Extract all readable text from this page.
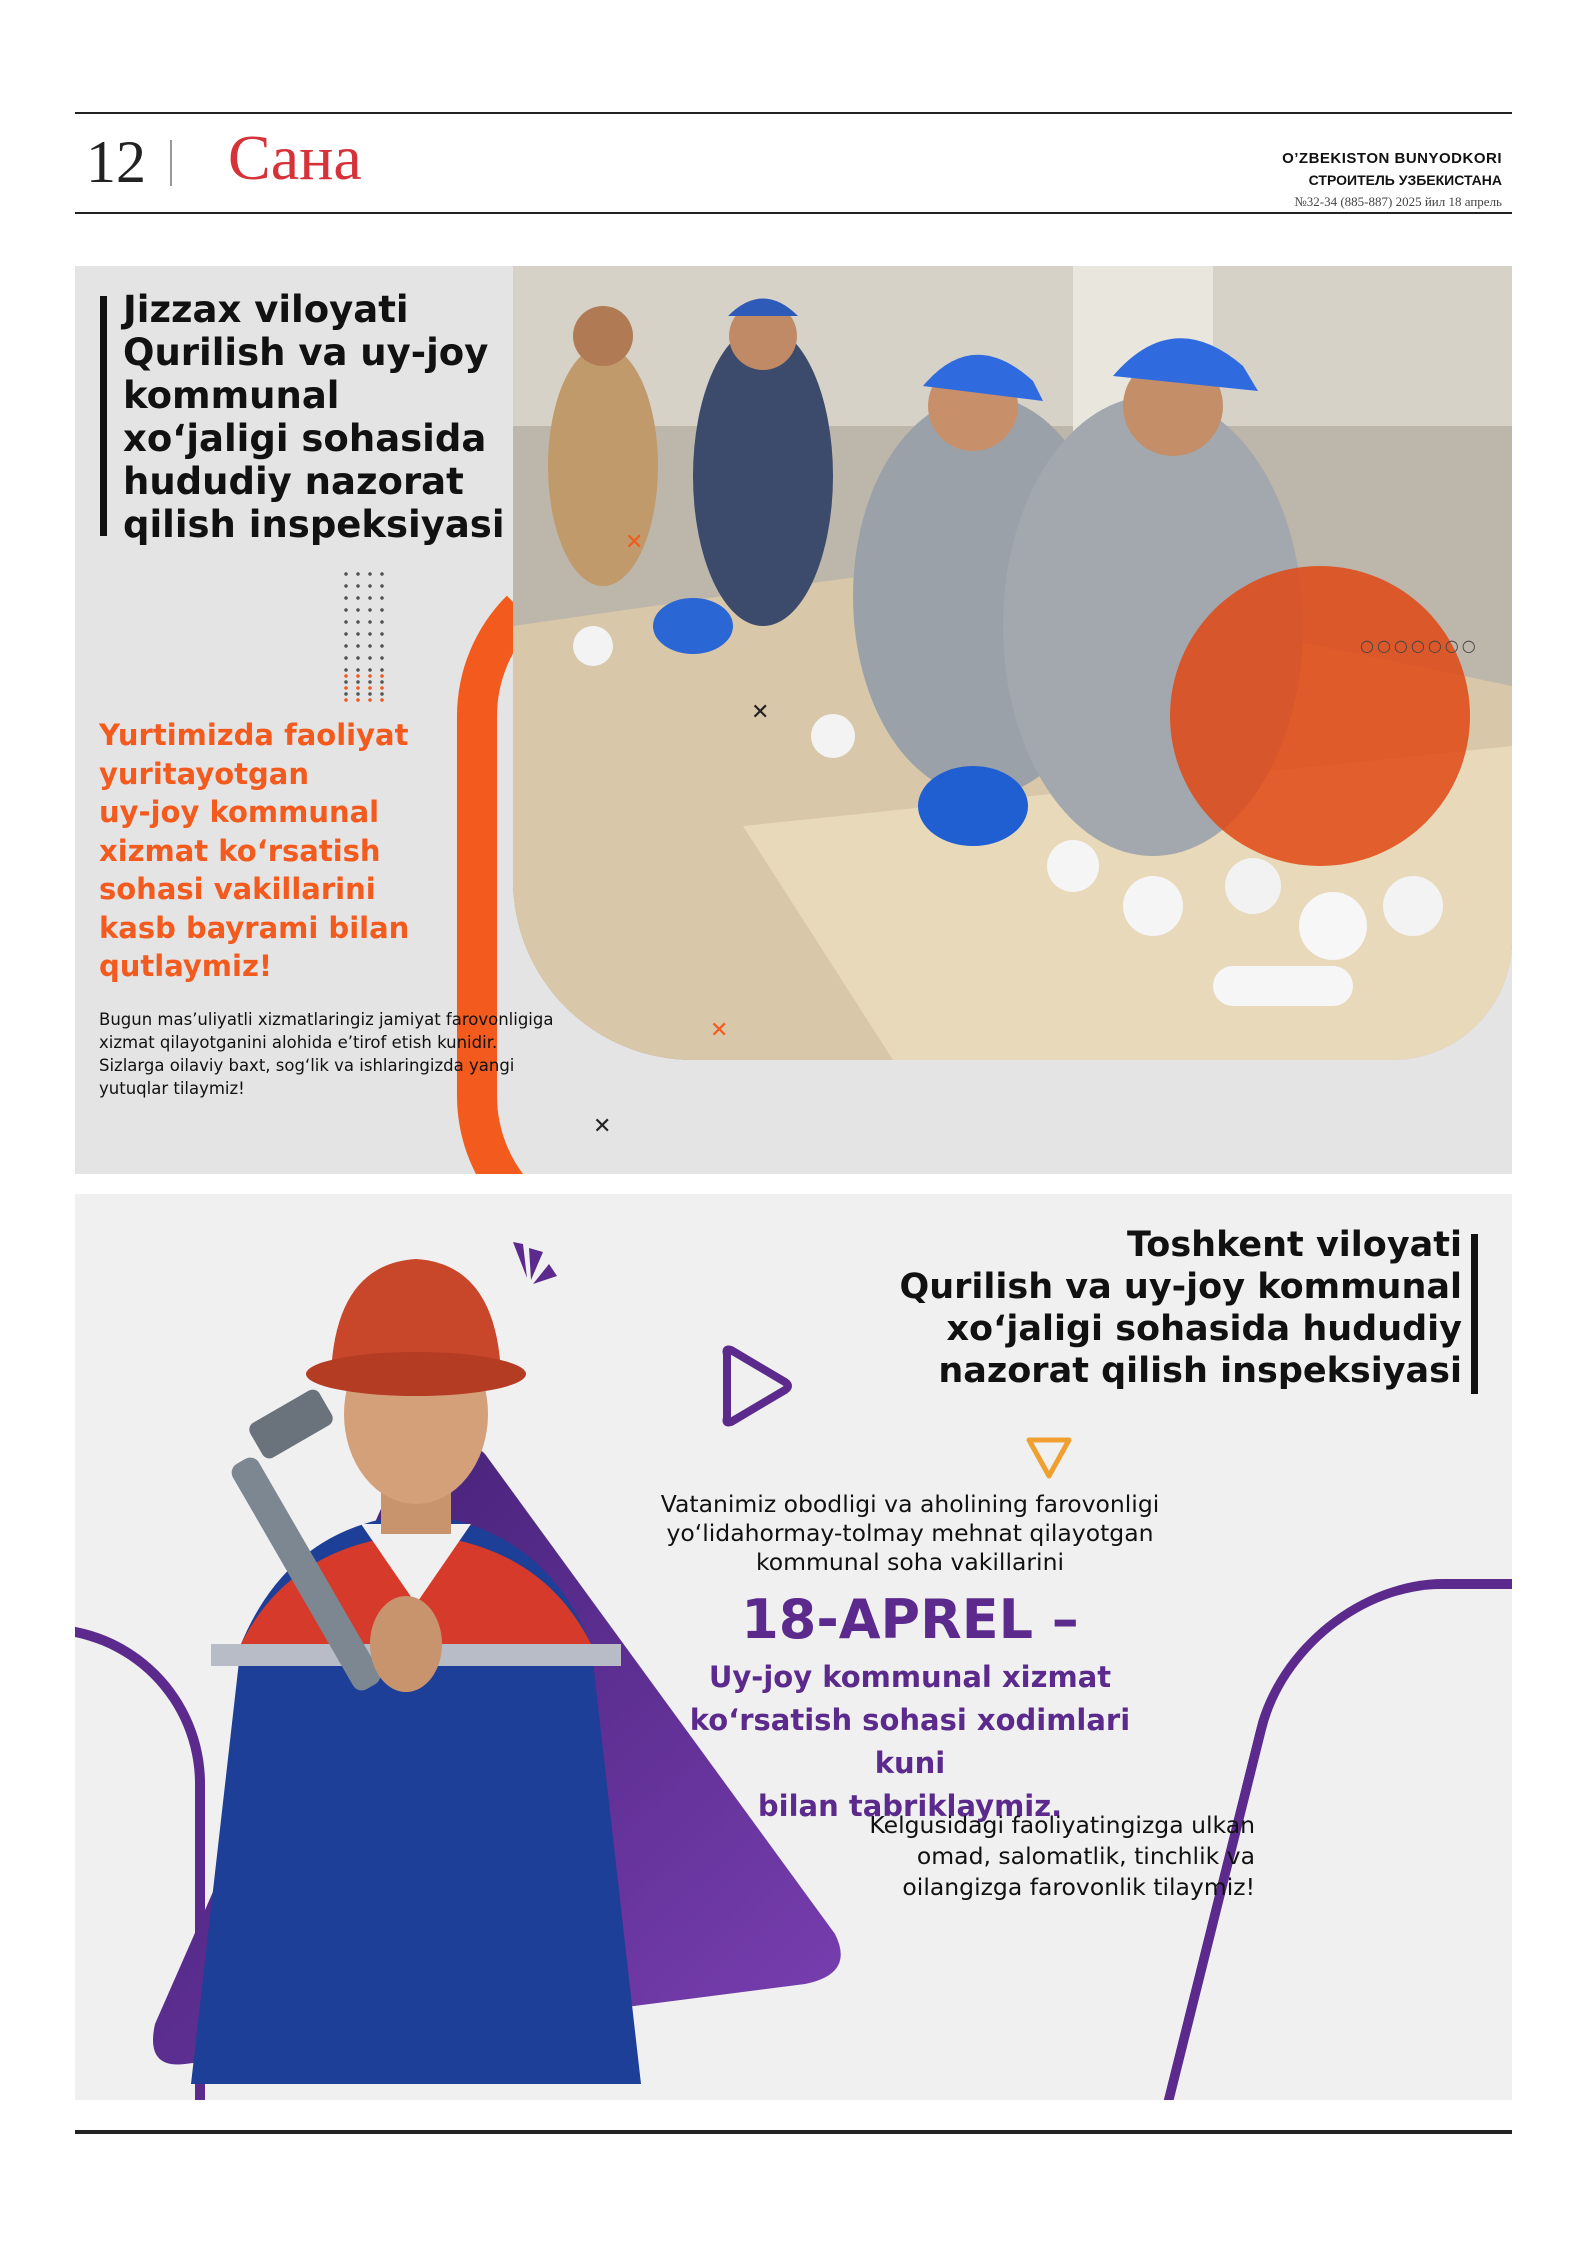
12 Сана	O’ZBEKISTON BUNYODKORI
СТРОИТЕЛЬ УЗБЕКИСТАНА
№32-34 (885-887) 2025 йил 18 апрель
○○○○○○○
Jizzax viloyati
Qurilish va uy-joy
kommunal
xo‘jaligi sohasida
hududiy nazorat
qilish inspeksiyasi	✕
✕
✕
✕
Yurtimizda faoliyat
yuritayotgan
uy-joy kommunal
xizmat ko‘rsatish
sohasi vakillarini
kasb bayrami bilan
qutlaymiz!
Bugun mas’uliyatli xizmatlaringiz jamiyat farovonligiga
xizmat qilayotganini alohida e’tirof etish kunidir.
Sizlarga oilaviy baxt, sog‘lik va ishlaringizda yangi
yutuqlar tilaymiz!
Toshkent viloyati
Qurilish va uy-joy kommunal
xo‘jaligi sohasida hududiy
nazorat qilish inspeksiyasi
Vatanimiz obodligi va aholining farovonligi
yo‘lidahormay-tolmay mehnat qilayotgan
kommunal soha vakillarini
18-APREL –
Uy-joy kommunal xizmat
ko‘rsatish sohasi xodimlari kuni
bilan tabriklaymiz.
Kelgusidagi faoliyatingizga ulkan
omad, salomatlik, tinchlik va
oilangizga farovonlik tilaymiz!
